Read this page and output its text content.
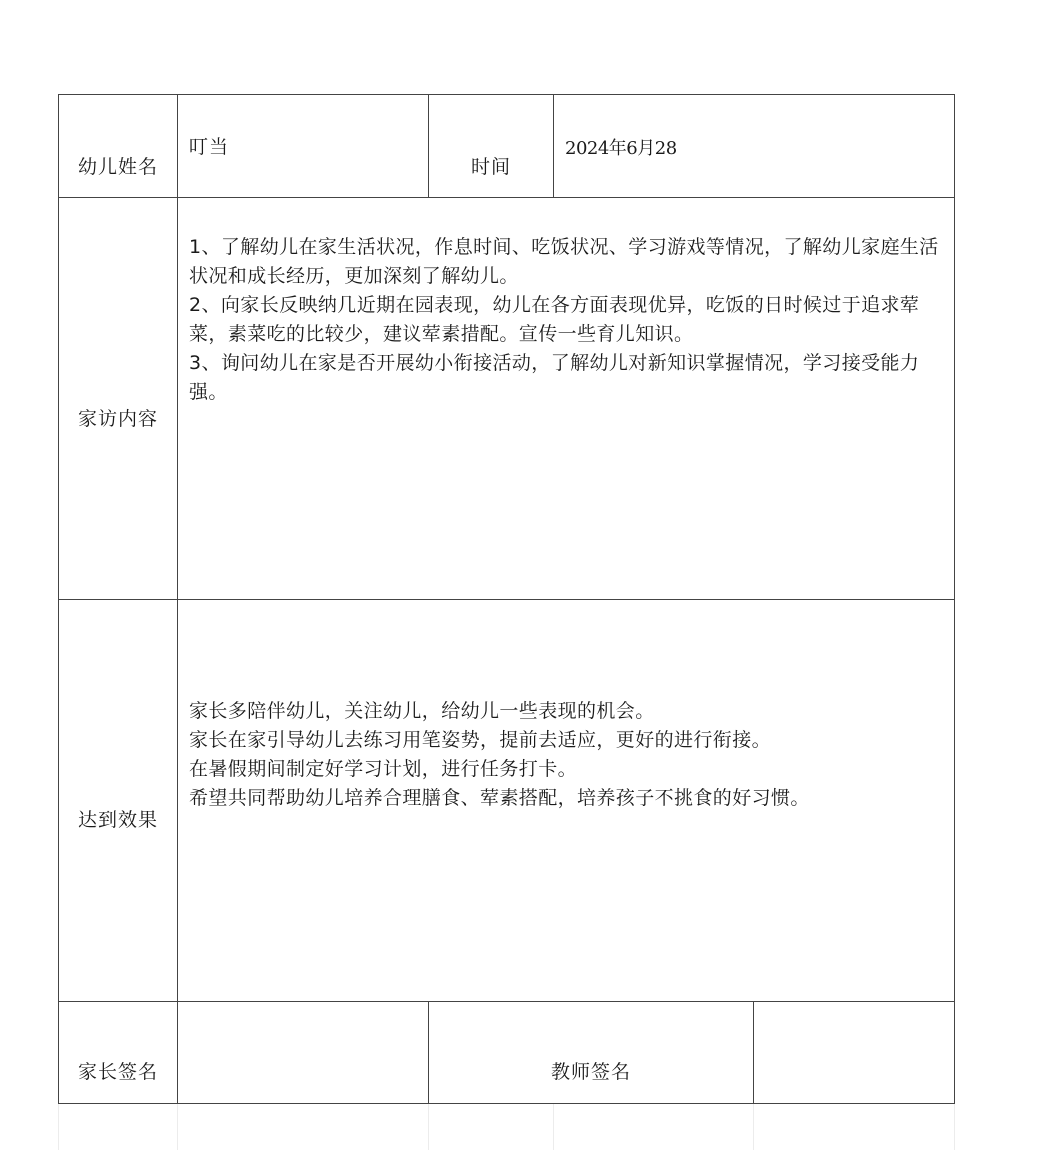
幼儿姓名
叮当
时间
2024年6月28
家访内容

1、了解幼儿在家生活状况，作息时间、吃饭状况、学习游戏等情况，了解幼儿家庭生活状况和成长经历，更加深刻了解幼儿。

2、向家长反映纳几近期在园表现，幼儿在各方面表现优异，吃饭的日时候过于追求荤菜，素菜吃的比较少，建议荤素措配。宣传一些育儿知识。

3、询问幼儿在家是否开展幼小衔接活动，了解幼儿对新知识掌握情况，学习接受能力强。

达到效果

家长多陪伴幼儿，关注幼儿，给幼儿一些表现的机会。

家长在家引导幼儿去练习用笔姿势，提前去适应，更好的进行衔接。

在暑假期间制定好学习计划，进行任务打卡。

希望共同帮助幼儿培养合理膳食、荤素搭配，培养孩子不挑食的好习惯。

家长签名	教师签名
